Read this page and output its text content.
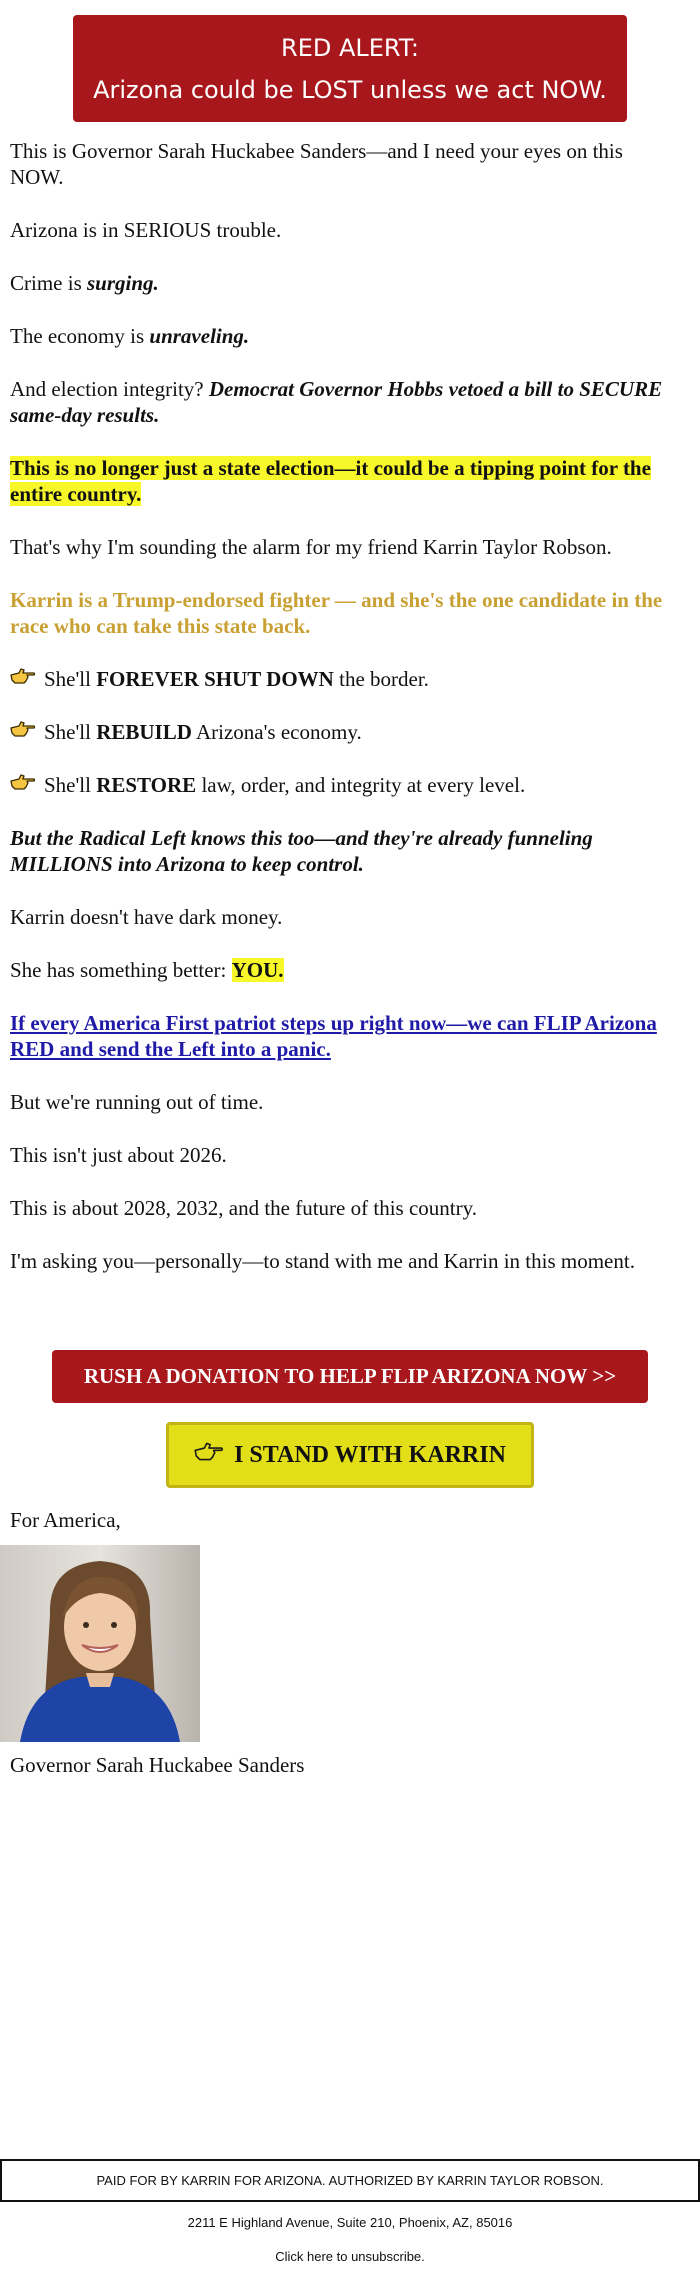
RED ALERT:
Arizona could be LOST unless we act NOW.

This is Governor Sarah Huckabee Sanders—and I need your eyes on this NOW.

Arizona is in SERIOUS trouble.

Crime is surging.

The economy is unraveling.

And election integrity? Democrat Governor Hobbs vetoed a bill to SECURE same-day results.

This is no longer just a state election—it could be a tipping point for the entire country.

That's why I'm sounding the alarm for my friend Karrin Taylor Robson.

Karrin is a Trump-endorsed fighter — and she's the one candidate in the race who can take this state back.

She'll FOREVER SHUT DOWN the border.

She'll REBUILD Arizona's economy.

She'll RESTORE law, order, and integrity at every level.

But the Radical Left knows this too—and they're already funneling MILLIONS into Arizona to keep control.

Karrin doesn't have dark money.

She has something better: YOU.

If every America First patriot steps up right now—we can FLIP Arizona RED and send the Left into a panic.

But we're running out of time.

This isn't just about 2026.

This is about 2028, 2032, and the future of this country.

I'm asking you—personally—to stand with me and Karrin in this moment.

RUSH A DONATION TO HELP FLIP ARIZONA NOW >>
I STAND WITH KARRIN
For America,
Governor Sarah Huckabee Sanders
PAID FOR BY KARRIN FOR ARIZONA. AUTHORIZED BY KARRIN TAYLOR ROBSON.
2211 E Highland Avenue, Suite 210, Phoenix, AZ, 85016
Click here to unsubscribe.
